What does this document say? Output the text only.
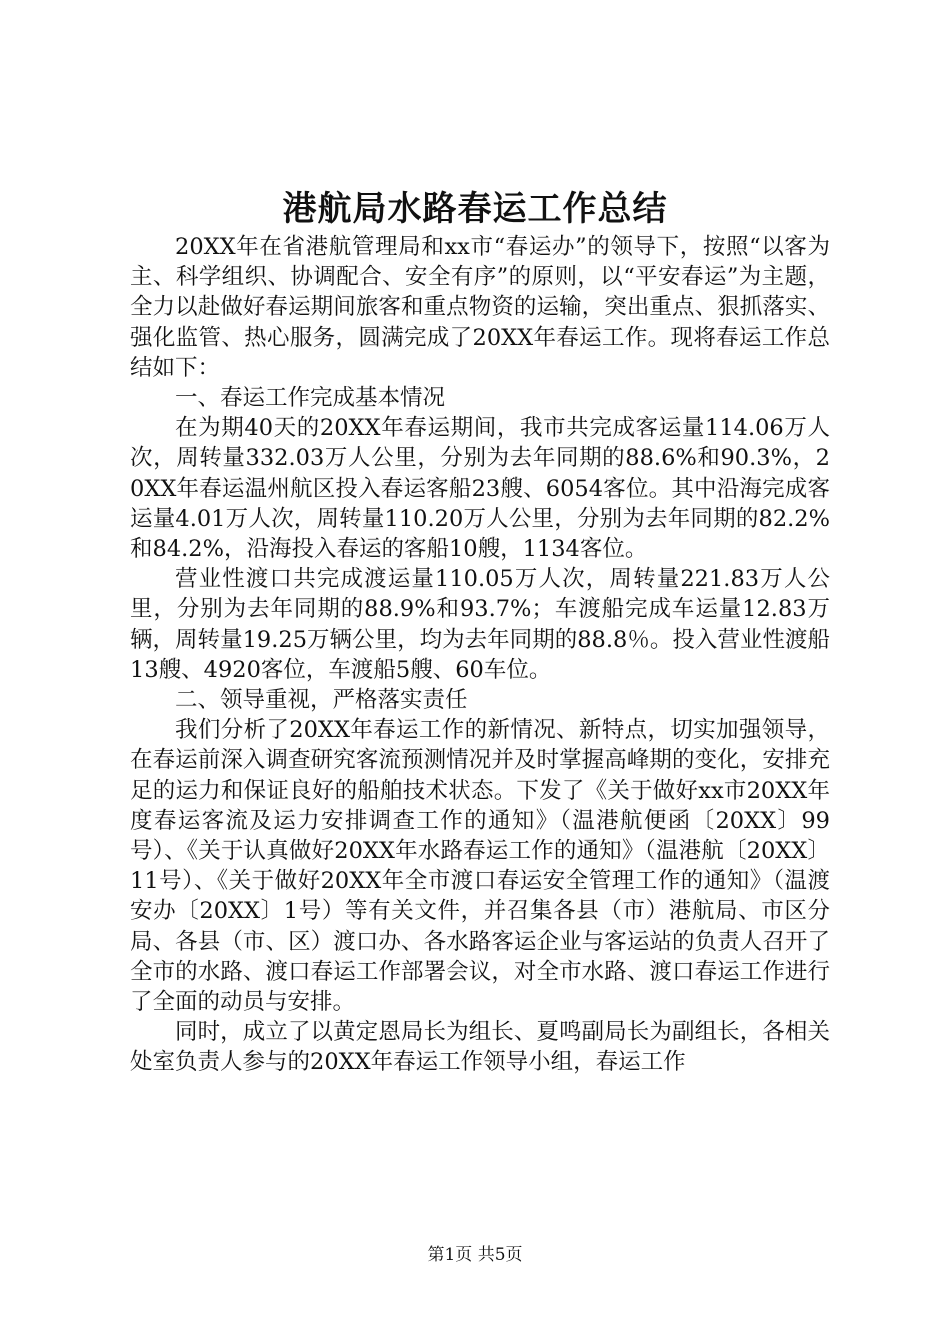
港航局水路春运工作总结

20XX年在省港航管理局和xx市“春运办”的领导下，按照“以客为主、科学组织、协调配合、安全有序”的原则，以“平安春运”为主题，全力以赴做好春运期间旅客和重点物资的运输，突出重点、狠抓落实、强化监管、热心服务，圆满完成了20XX年春运工作。现将春运工作总结如下：

一、春运工作完成基本情况

在为期40天的20XX年春运期间，我市共完成客运量114.06万人次，周转量332.03万人公里，分别为去年同期的88.6%和90.3%，20XX年春运温州航区投入春运客船23艘、6054客位。其中沿海完成客运量4.01万人次，周转量110.20万人公里，分别为去年同期的82.2%和84.2%，沿海投入春运的客船10艘，1134客位。

营业性渡口共完成渡运量110.05万人次，周转量221.83万人公里，分别为去年同期的88.9%和93.7%；车渡船完成车运量12.83万辆，周转量19.25万辆公里，均为去年同期的88.8％。投入营业性渡船13艘、4920客位，车渡船5艘、60车位。

二、领导重视，严格落实责任

我们分析了20XX年春运工作的新情况、新特点，切实加强领导，在春运前深入调查研究客流预测情况并及时掌握高峰期的变化，安排充足的运力和保证良好的船舶技术状态。下发了《关于做好xx市20XX年度春运客流及运力安排调查工作的通知》（温港航便函〔20XX〕99号）、《关于认真做好20XX年水路春运工作的通知》（温港航〔20XX〕11号）、《关于做好20XX年全市渡口春运安全管理工作的通知》（温渡安办〔20XX〕1号）等有关文件，并召集各县（市）港航局、市区分局、各县（市、区）渡口办、各水路客运企业与客运站的负责人召开了全市的水路、渡口春运工作部署会议，对全市水路、渡口春运工作进行了全面的动员与安排。

同时，成立了以黄定恩局长为组长、夏鸣副局长为副组长，各相关处室负责人参与的20XX年春运工作领导小组，春运工作

第1页 共5页
